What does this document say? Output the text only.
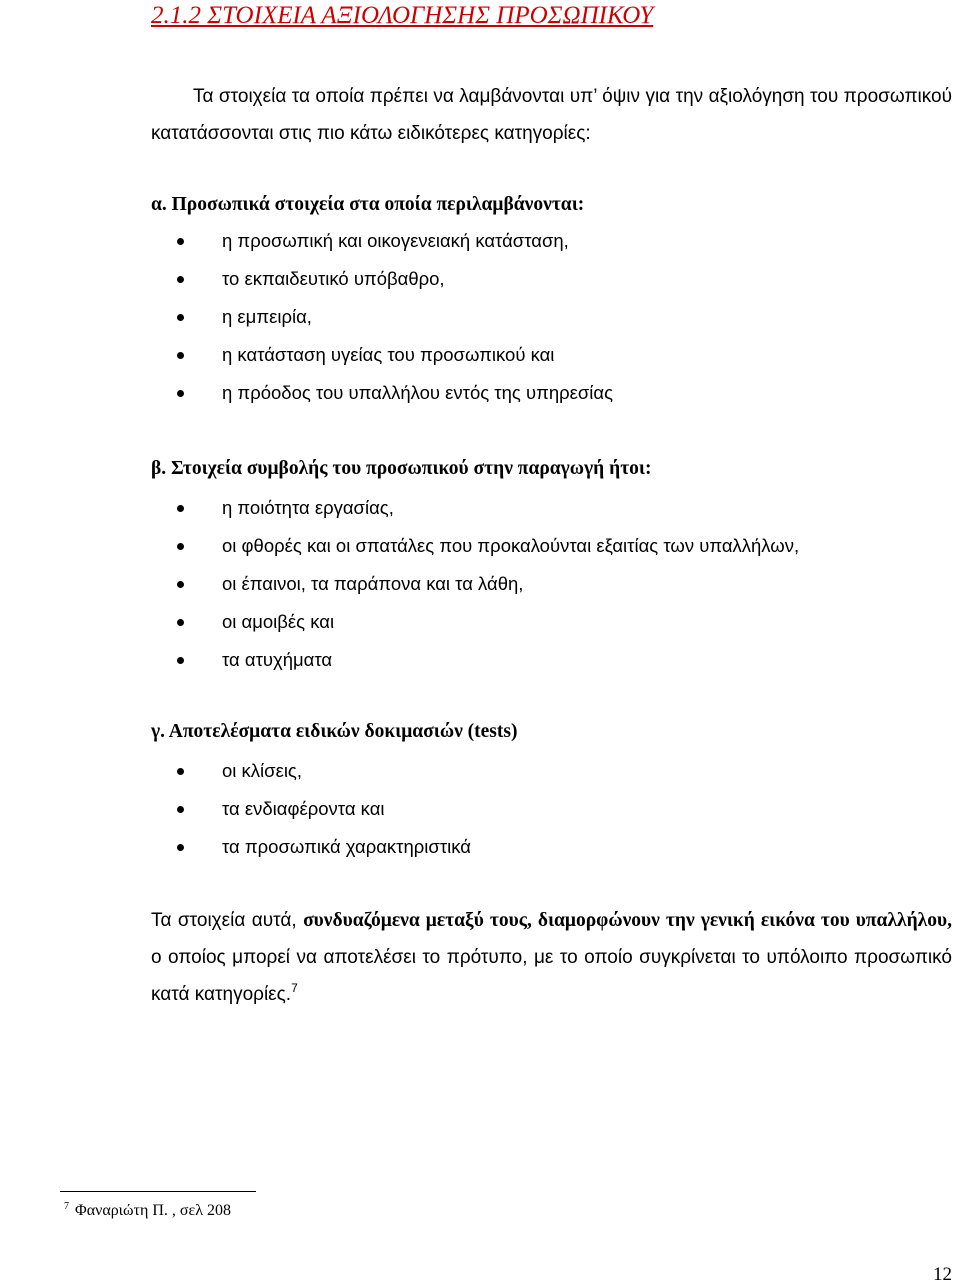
2.1.2 ΣΤΟΙΧΕΙΑ ΑΞΙΟΛΟΓΗΣΗΣ ΠΡΟΣΩΠΙΚΟΥ

Τα στοιχεία τα οποία πρέπει να λαμβάνονται υπ’ όψιν για την αξιολόγηση του προσωπικού κατατάσσονται στις πιο κάτω ειδικότερες κατηγορίες:

α. Προσωπικά στοιχεία στα οποία περιλαμβάνονται:
η προσωπική και οικογενειακή κατάσταση,
το εκπαιδευτικό υπόβαθρο,
η εμπειρία,
η κατάσταση υγείας του προσωπικού και
η πρόοδος του υπαλλήλου εντός της υπηρεσίας
β. Στοιχεία συμβολής του προσωπικού στην παραγωγή ήτοι:
η ποιότητα εργασίας,
οι φθορές και οι σπατάλες που προκαλούνται εξαιτίας των υπαλλήλων,
οι έπαινοι, τα παράπονα και τα λάθη,
οι αμοιβές και
τα ατυχήματα
γ. Αποτελέσματα ειδικών δοκιμασιών (tests)
οι κλίσεις,
τα ενδιαφέροντα και
τα προσωπικά χαρακτηριστικά

Τα στοιχεία αυτά, συνδυαζόμενα μεταξύ τους, διαμορφώνουν την γενική εικόνα του υπαλλήλου, ο οποίος μπορεί να αποτελέσει το πρότυπο, με το οποίο συγκρίνεται το υπόλοιπο προσωπικό κατά κατηγορίες.$^7$

$^7$ Φαναριώτη Π. , σελ 208
12
